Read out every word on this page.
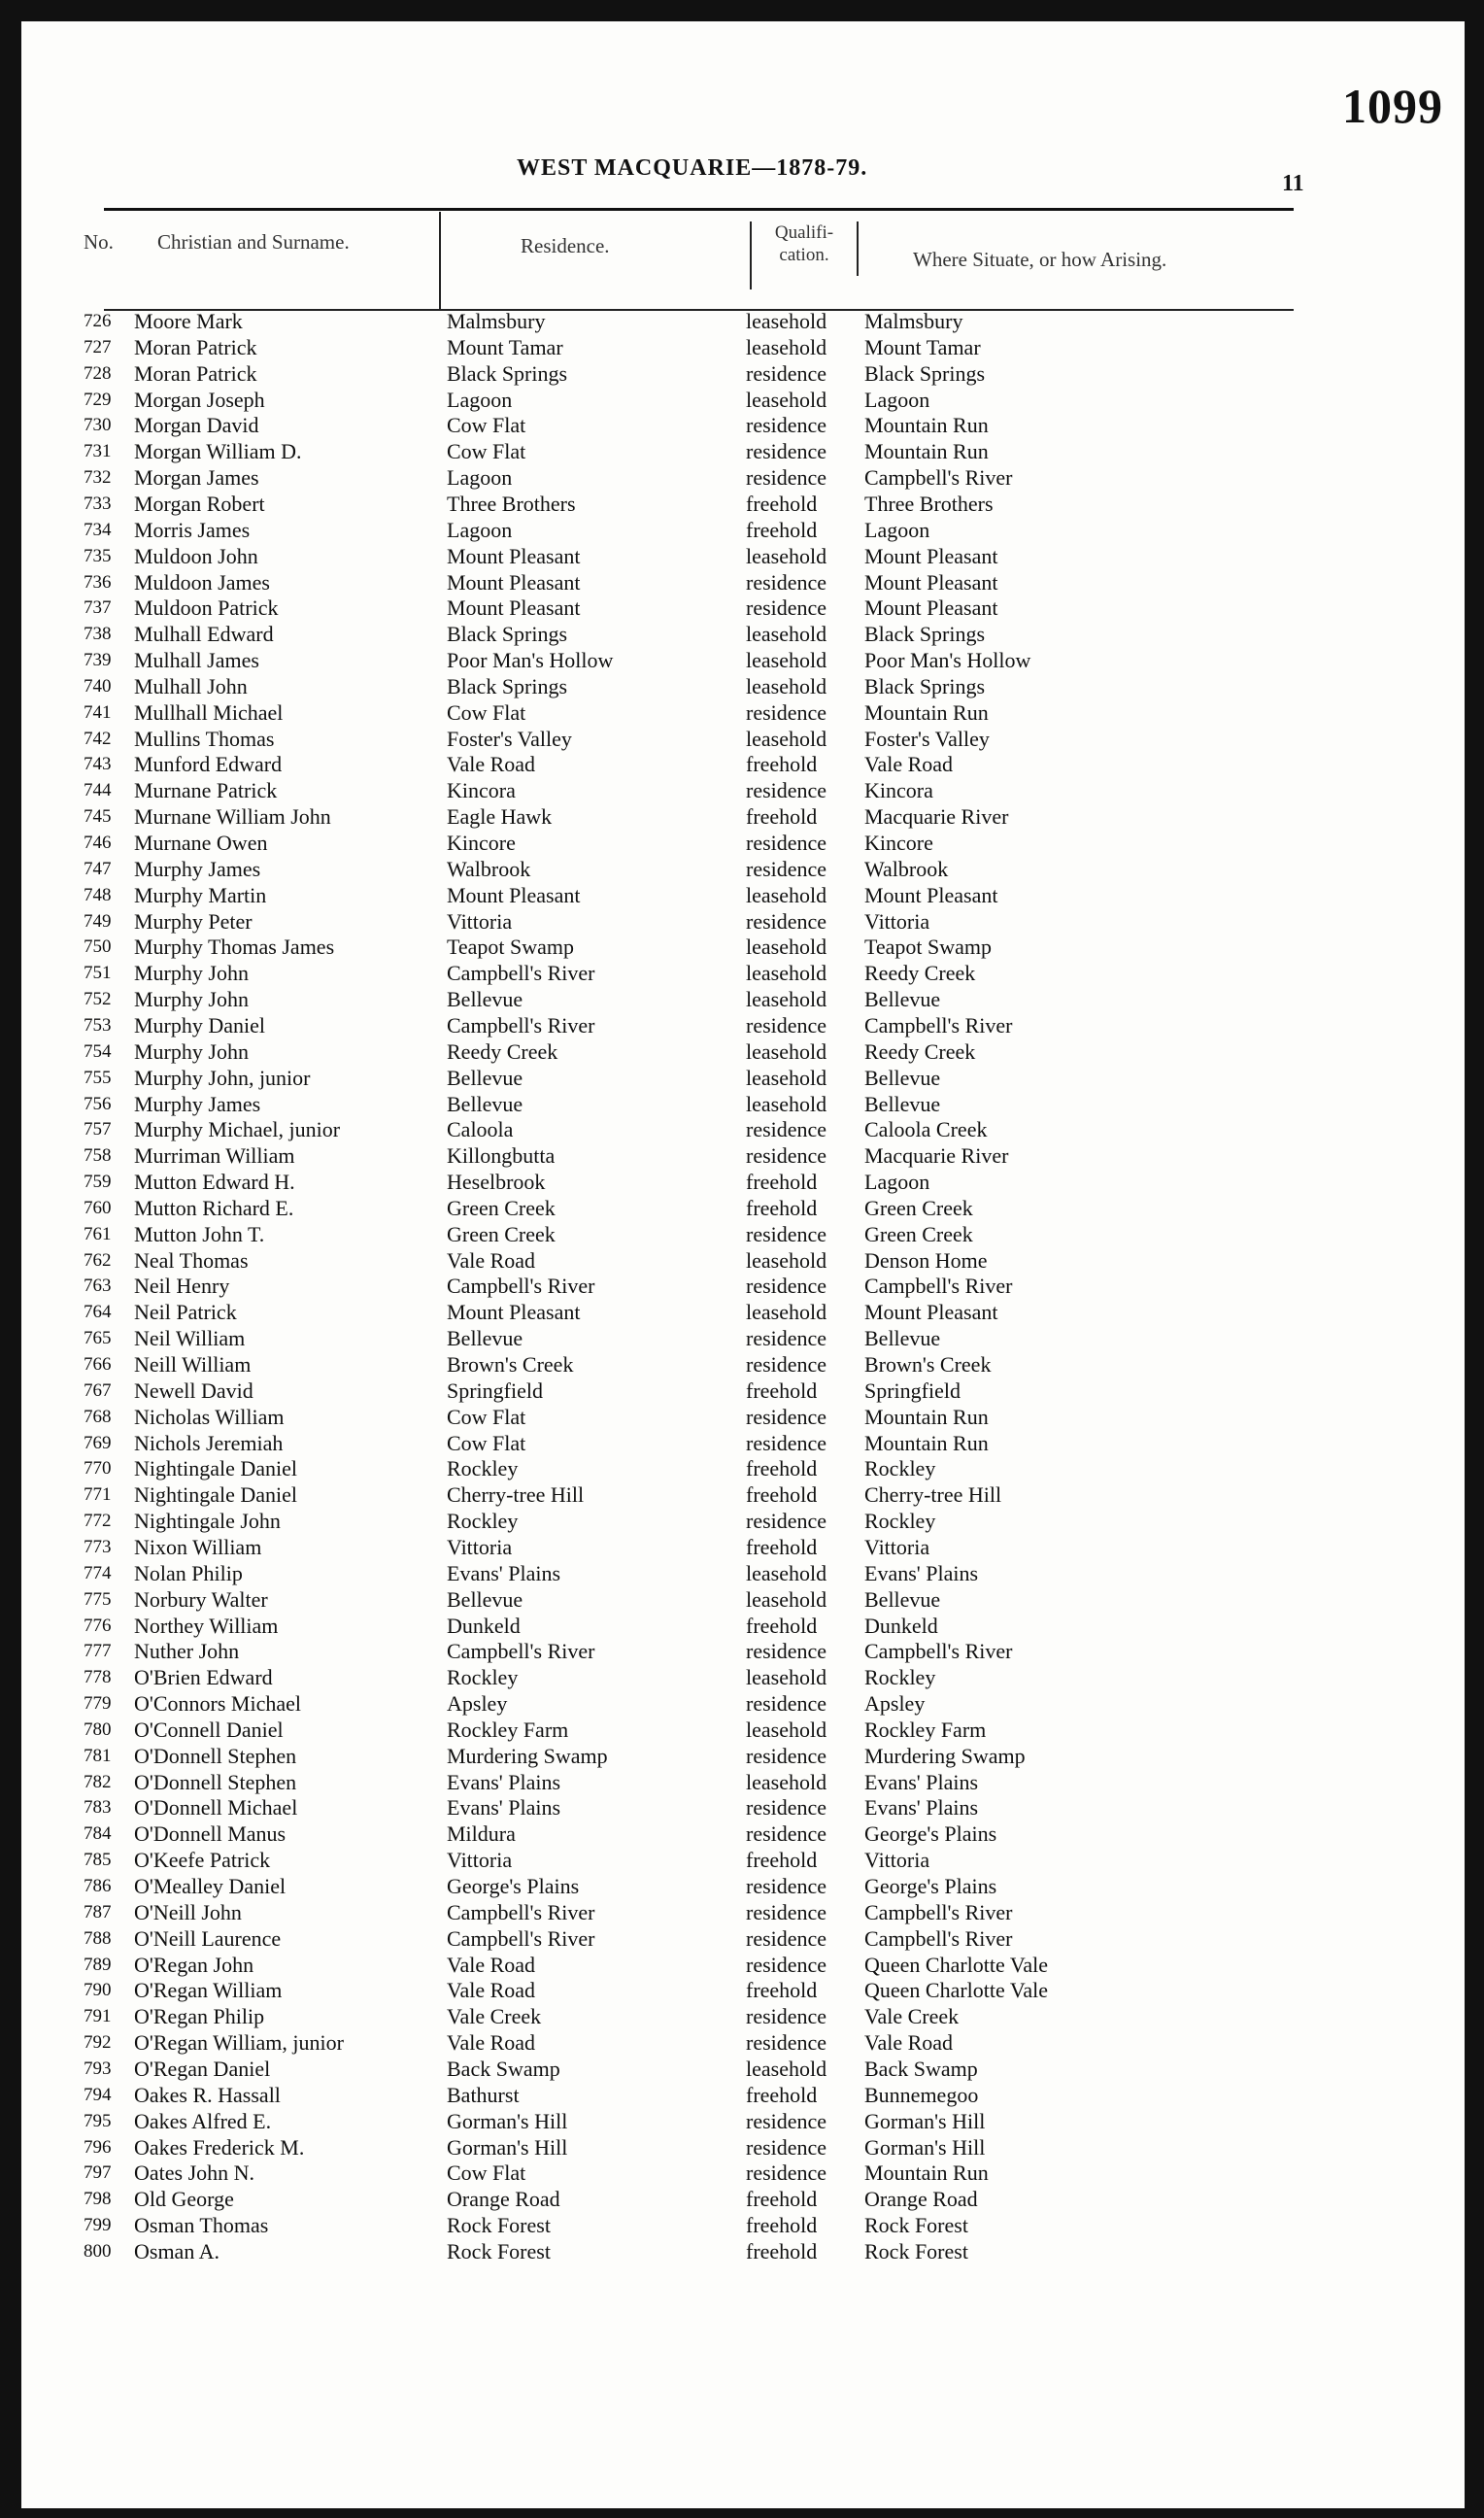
1099
WEST MACQUARIE—1878-79.
11
No. Christian and Surname.	Residence.
Qualifi-
cation.	Where Situate, or how Arising.
726 Moore Mark	Malmsbury	leasehold Malmsbury
727 Moran Patrick	Mount Tamar	leasehold Mount Tamar
728 Moran Patrick	Black Springs	residence Black Springs
729 Morgan Joseph	Lagoon	leasehold Lagoon
730 Morgan David	Cow Flat	residence Mountain Run
731 Morgan William D.	Cow Flat	residence Mountain Run
732 Morgan James	Lagoon	residence Campbell's River
733 Morgan Robert	Three Brothers	freehold Three Brothers
734 Morris James	Lagoon	freehold Lagoon
735 Muldoon John	Mount Pleasant	leasehold Mount Pleasant
736 Muldoon James	Mount Pleasant	residence Mount Pleasant
737 Muldoon Patrick	Mount Pleasant	residence Mount Pleasant
738 Mulhall Edward	Black Springs	leasehold Black Springs
739 Mulhall James	Poor Man's Hollow	leasehold Poor Man's Hollow
740 Mulhall John	Black Springs	leasehold Black Springs
741 Mullhall Michael	Cow Flat	residence Mountain Run
742 Mullins Thomas	Foster's Valley	leasehold Foster's Valley
743 Munford Edward	Vale Road	freehold Vale Road
744 Murnane Patrick	Kincora	residence Kincora
745 Murnane William John	Eagle Hawk	freehold Macquarie River
746 Murnane Owen	Kincore	residence Kincore
747 Murphy James	Walbrook	residence Walbrook
748 Murphy Martin	Mount Pleasant	leasehold Mount Pleasant
749 Murphy Peter	Vittoria	residence Vittoria
750 Murphy Thomas James	Teapot Swamp	leasehold Teapot Swamp
751 Murphy John	Campbell's River	leasehold Reedy Creek
752 Murphy John	Bellevue	leasehold Bellevue
753 Murphy Daniel	Campbell's River	residence Campbell's River
754 Murphy John	Reedy Creek	leasehold Reedy Creek
755 Murphy John, junior	Bellevue	leasehold Bellevue
756 Murphy James	Bellevue	leasehold Bellevue
757 Murphy Michael, junior	Caloola	residence Caloola Creek
758 Murriman William	Killongbutta	residence Macquarie River
759 Mutton Edward H.	Heselbrook	freehold Lagoon
760 Mutton Richard E.	Green Creek	freehold Green Creek
761 Mutton John T.	Green Creek	residence Green Creek
762 Neal Thomas	Vale Road	leasehold Denson Home
763 Neil Henry	Campbell's River	residence Campbell's River
764 Neil Patrick	Mount Pleasant	leasehold Mount Pleasant
765 Neil William	Bellevue	residence Bellevue
766 Neill William	Brown's Creek	residence Brown's Creek
767 Newell David	Springfield	freehold Springfield
768 Nicholas William	Cow Flat	residence Mountain Run
769 Nichols Jeremiah	Cow Flat	residence Mountain Run
770 Nightingale Daniel	Rockley	freehold Rockley
771 Nightingale Daniel	Cherry-tree Hill	freehold Cherry-tree Hill
772 Nightingale John	Rockley	residence Rockley
773 Nixon William	Vittoria	freehold Vittoria
774 Nolan Philip	Evans' Plains	leasehold Evans' Plains
775 Norbury Walter	Bellevue	leasehold Bellevue
776 Northey William	Dunkeld	freehold Dunkeld
777 Nuther John	Campbell's River	residence Campbell's River
778 O'Brien Edward	Rockley	leasehold Rockley
779 O'Connors Michael	Apsley	residence Apsley
780 O'Connell Daniel	Rockley Farm	leasehold Rockley Farm
781 O'Donnell Stephen	Murdering Swamp	residence Murdering Swamp
782 O'Donnell Stephen	Evans' Plains	leasehold Evans' Plains
783 O'Donnell Michael	Evans' Plains	residence Evans' Plains
784 O'Donnell Manus	Mildura	residence George's Plains
785 O'Keefe Patrick	Vittoria	freehold Vittoria
786 O'Mealley Daniel	George's Plains	residence George's Plains
787 O'Neill John	Campbell's River	residence Campbell's River
788 O'Neill Laurence	Campbell's River	residence Campbell's River
789 O'Regan John	Vale Road	residence Queen Charlotte Vale
790 O'Regan William	Vale Road	freehold Queen Charlotte Vale
791 O'Regan Philip	Vale Creek	residence Vale Creek
792 O'Regan William, junior	Vale Road	residence Vale Road
793 O'Regan Daniel	Back Swamp	leasehold Back Swamp
794 Oakes R. Hassall	Bathurst	freehold Bunnemegoo
795 Oakes Alfred E.	Gorman's Hill	residence Gorman's Hill
796 Oakes Frederick M.	Gorman's Hill	residence Gorman's Hill
797 Oates John N.	Cow Flat	residence Mountain Run
798 Old George	Orange Road	freehold Orange Road
799 Osman Thomas	Rock Forest	freehold Rock Forest
800 Osman A.	Rock Forest	freehold Rock Forest
